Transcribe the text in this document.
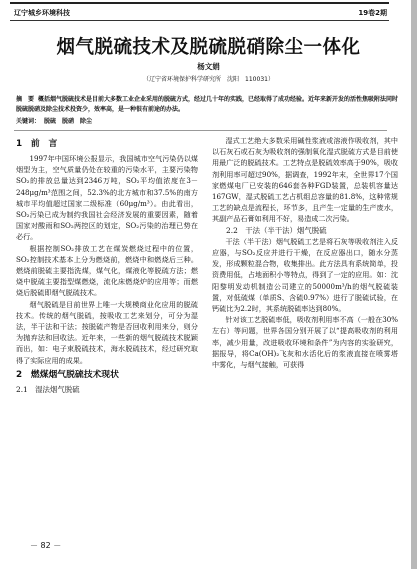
辽宁城乡环境科技	19卷2期
烟气脱硫技术及脱硫脱硝除尘一体化
杨文娟
（辽宁省环境保护科学研究所　沈阳　110031）
摘　要 概括烟气脱硫技术是目前大多数工业企业采用的脱硫方式，经过几十年的实践，已经取得了成功经验。近年来新开发的活性焦吸附法同时脱硫脱硝及除尘技术投资少，效率高，是一种很有前途的办法。
关键词： 脱硫　脱硝　除尘
1　前　言

1997年中国环境公报显示，我国城市空气污染仍以煤烟型为主，空气质量仍处在较重的污染水平，主要污染物SO₂的排放总量达到2346万吨，SO₂平均值浓度在3－248μg/m³范围之间，52.3%的北方城市和37.5%的南方城市平均值超过国家二级标准（60μg/m³）。由此看出，SO₂污染已成为制约我国社会经济发展的重要因素，随着国家对酸雨和SO₂两控区的划定，SO₂污染的治理已势在必行。

根据控制SO₂排放工艺在煤炭燃烧过程中的位置，SO₂控制技术基本上分为燃烧前，燃烧中和燃烧后三种。燃烧前脱硫主要指洗煤，煤气化，煤液化等脱硫方法；燃烧中脱硫主要指型煤燃烧，流化床燃烧炉的应用等；而燃烧后脱硫即烟气脱硫技术。

烟气脱硫是目前世界上唯一大规模商业化应用的脱硫技术。传统的烟气脱硫，按吸收工艺来划分，可分为湿法，半干法和干法；按脱硫产物是否回收利用来分，则分为抛弃法和回收法。近年来，一些新的烟气脱硫技术脱颖而出，如：电子束脱硫技术，海水脱硫技术，经过研究取得了实际应用的成果。

2　燃煤烟气脱硫技术现状
2.1　湿法烟气脱硫

湿式工艺绝大多数采用碱性浆液或溶液作吸收剂，其中以石灰石或石灰为吸收剂的强制氧化湿式脱硫方式是目前使用最广泛的脱硫技术。工艺特点是脱硫效率高于90%，吸收剂利用率可超过90%，据调查，1992年末，全世界17个国家燃煤电厂已安装的646套各种FGD装置，总装机容量达167GW，湿式脱硫工艺占机组总容量的81.8%，这种常规工艺的缺点是流程长，环节多，且产生一定量的生产废水，其副产品石膏如利用不好，易造成二次污染。

2.2　干法（半干法）烟气脱硫

干法（半干法）烟气脱硫工艺是将石灰等吸收剂注入反应器，与SO₂反应并进行干燥，在反应器出口，随水分蒸发，形成颗粒混合物，收集排出。此方法具有系统简单，投资费用低，占地面积小等特点，得到了一定的应用。如：沈阳黎明发动机制造公司建立的50000m³/h的烟气脱硫装置，对低硫煤（单质S、含硫0.97%）进行了脱硫试验，在钙硫比为2.2时，其系统脱硫率达到80%。

针对该工艺脱硫率低，吸收剂利用率不高（一般在30%左右）等问题，世界各国分别开展了以“提高吸收剂的利用率，减少用量，改进吸收环境和条件”为内容的实验研究，据报导，将Ca(OH)₂飞灰和水活化后的浆液直接在喷雾塔中雾化，与烟气接触，可获得

－ 82 －
